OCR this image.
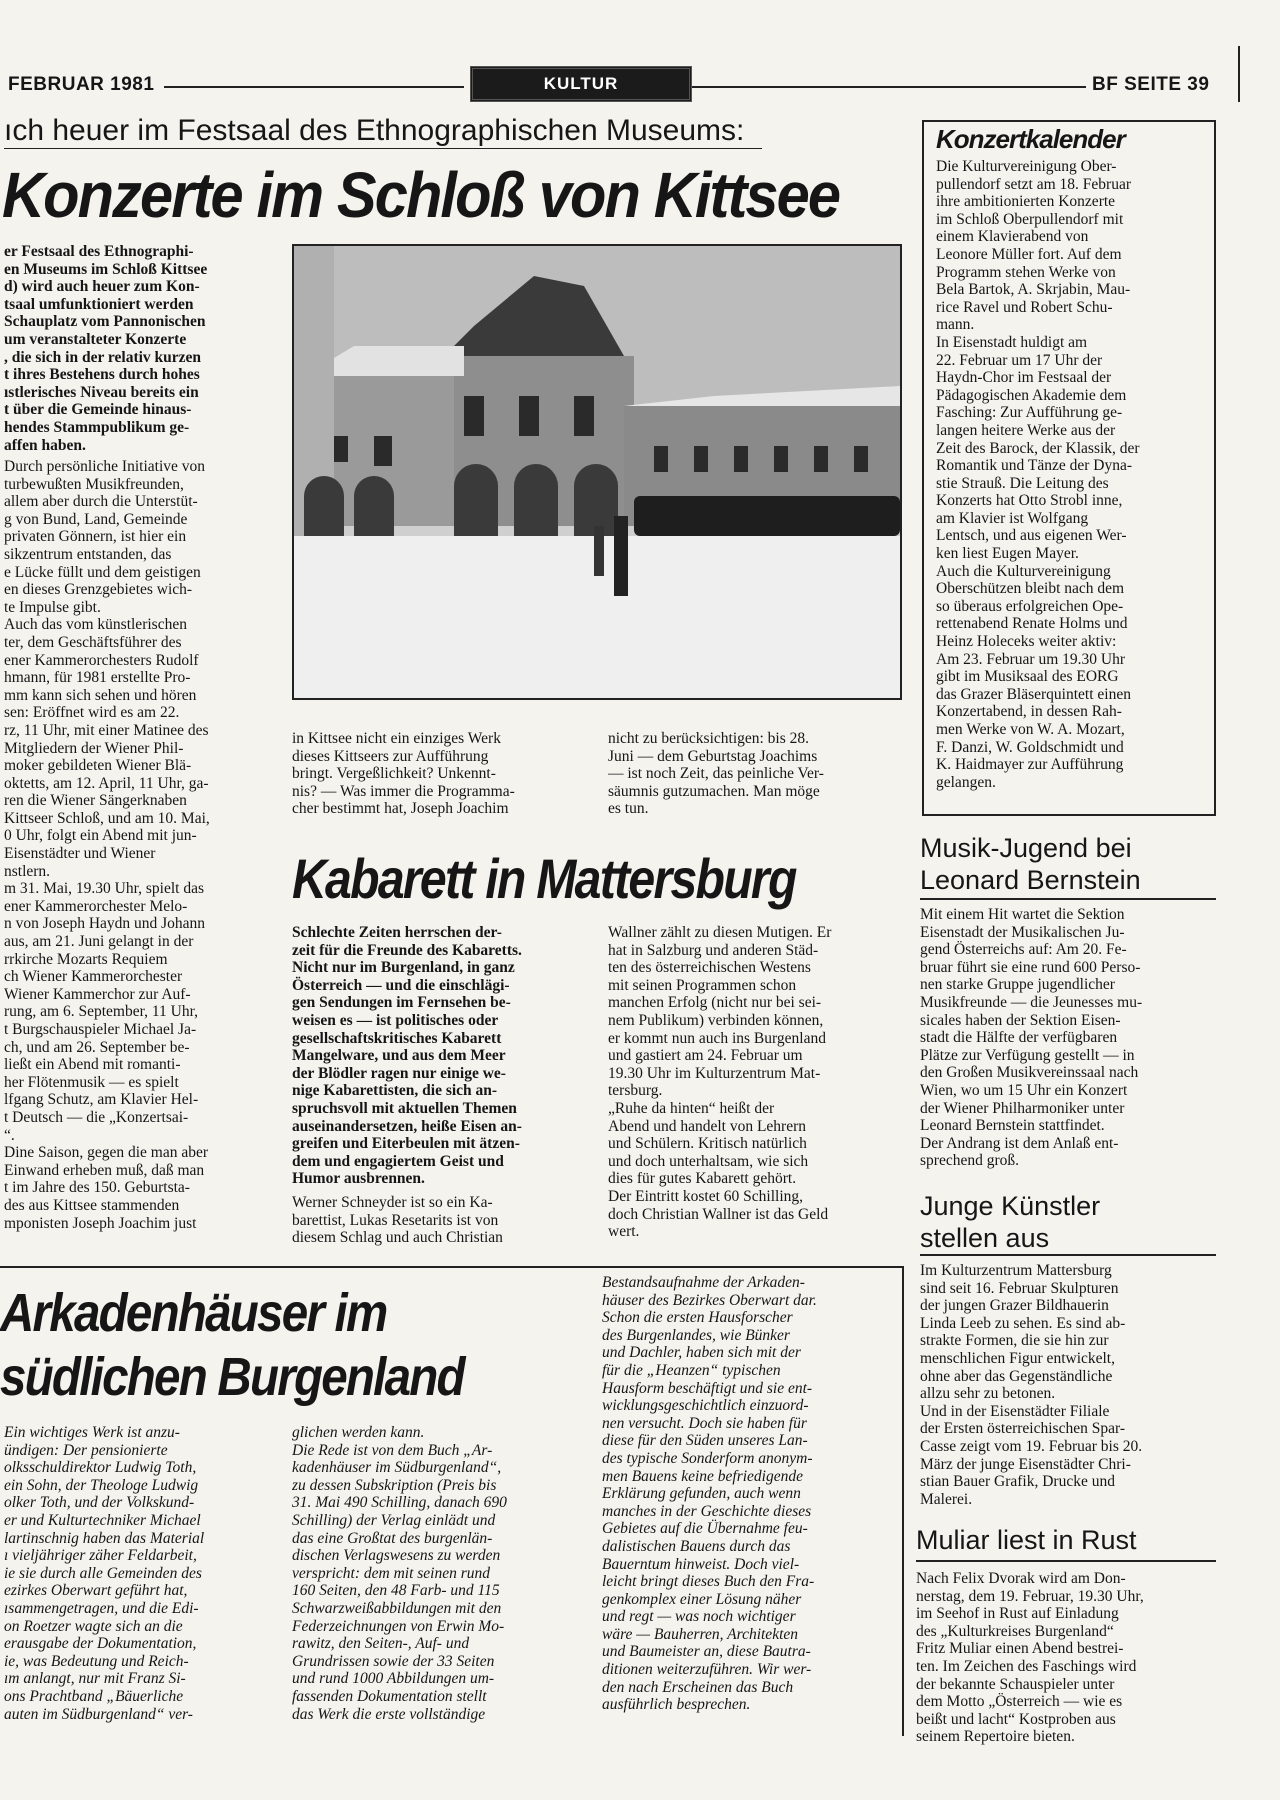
FEBRUAR 1981	KULTUR	BF SEITE 39
ıch heuer im Festsaal des Ethnographischen Museums:
Konzerte im Schloß von Kittsee
er Festsaal des Ethnographi-
en Museums im Schloß Kittsee
d) wird auch heuer zum Kon-
tsaal umfunktioniert werden
Schauplatz vom Pannonischen
um veranstalteter Konzerte
, die sich in der relativ kurzen
t ihres Bestehens durch hohes
ıstlerisches Niveau bereits ein
t über die Gemeinde hinaus-
hendes Stammpublikum ge-
affen haben.
Durch persönliche Initiative von
turbewußten Musikfreunden,
allem aber durch die Unterstüt-
g von Bund, Land, Gemeinde
privaten Gönnern, ist hier ein
sikzentrum entstanden, das
e Lücke füllt und dem geistigen
en dieses Grenzgebietes wich-
te Impulse gibt.
Auch das vom künstlerischen
ter, dem Geschäftsführer des
ener Kammerorchesters Rudolf
hmann, für 1981 erstellte Pro-
mm kann sich sehen und hören
sen: Eröffnet wird es am 22.
rz, 11 Uhr, mit einer Matinee des
Mitgliedern der Wiener Phil-
moker gebildeten Wiener Blä-
oktetts, am 12. April, 11 Uhr, ga-
ren die Wiener Sängerknaben
Kittseer Schloß, und am 10. Mai,
0 Uhr, folgt ein Abend mit jun-
Eisenstädter und Wiener
nstlern.
m 31. Mai, 19.30 Uhr, spielt das
ener Kammerorchester Melo-
n von Joseph Haydn und Johann
aus, am 21. Juni gelangt in der
rrkirche Mozarts Requiem
ch Wiener Kammerorchester
Wiener Kammerchor zur Auf-
rung, am 6. September, 11 Uhr,
t Burgschauspieler Michael Ja-
ch, und am 26. September be-
ließt ein Abend mit romanti-
her Flötenmusik — es spielt
lfgang Schutz, am Klavier Hel-
t Deutsch — die „Konzertsai-
“.
Dine Saison, gegen die man aber
Einwand erheben muß, daß man
t im Jahre des 150. Geburtsta-
des aus Kittsee stammenden
mponisten Joseph Joachim just
in Kittsee nicht ein einziges Werk
dieses Kittseers zur Aufführung
bringt. Vergeßlichkeit? Unkennt-
nis? — Was immer die Programma-
cher bestimmt hat, Joseph Joachim
nicht zu berücksichtigen: bis 28.
Juni — dem Geburtstag Joachims
— ist noch Zeit, das peinliche Ver-
säumnis gutzumachen. Man möge
es tun.
Konzertkalender
Die Kulturvereinigung Ober-
pullendorf setzt am 18. Februar
ihre ambitionierten Konzerte
im Schloß Oberpullendorf mit
einem Klavierabend von
Leonore Müller fort. Auf dem
Programm stehen Werke von
Bela Bartok, A. Skrjabin, Mau-
rice Ravel und Robert Schu-
mann.
In Eisenstadt huldigt am
22. Februar um 17 Uhr der
Haydn-Chor im Festsaal der
Pädagogischen Akademie dem
Fasching: Zur Aufführung ge-
langen heitere Werke aus der
Zeit des Barock, der Klassik, der
Romantik und Tänze der Dyna-
stie Strauß. Die Leitung des
Konzerts hat Otto Strobl inne,
am Klavier ist Wolfgang
Lentsch, und aus eigenen Wer-
ken liest Eugen Mayer.
Auch die Kulturvereinigung
Oberschützen bleibt nach dem
so überaus erfolgreichen Ope-
rettenabend Renate Holms und
Heinz Holeceks weiter aktiv:
Am 23. Februar um 19.30 Uhr
gibt im Musiksaal des EORG
das Grazer Bläserquintett einen
Konzertabend, in dessen Rah-
men Werke von W. A. Mozart,
F. Danzi, W. Goldschmidt und
K. Haidmayer zur Aufführung
gelangen.
Kabarett in Mattersburg
Schlechte Zeiten herrschen der-
zeit für die Freunde des Kabaretts.
Nicht nur im Burgenland, in ganz
Österreich — und die einschlägi-
gen Sendungen im Fernsehen be-
weisen es — ist politisches oder
gesellschaftskritisches Kabarett
Mangelware, und aus dem Meer
der Blödler ragen nur einige we-
nige Kabarettisten, die sich an-
spruchsvoll mit aktuellen Themen
auseinandersetzen, heiße Eisen an-
greifen und Eiterbeulen mit ätzen-
dem und engagiertem Geist und
Humor ausbrennen.
Werner Schneyder ist so ein Ka-
barettist, Lukas Resetarits ist von
diesem Schlag und auch Christian
Wallner zählt zu diesen Mutigen. Er
hat in Salzburg und anderen Städ-
ten des österreichischen Westens
mit seinen Programmen schon
manchen Erfolg (nicht nur bei sei-
nem Publikum) verbinden können,
er kommt nun auch ins Burgenland
und gastiert am 24. Februar um
19.30 Uhr im Kulturzentrum Mat-
tersburg.
„Ruhe da hinten“ heißt der
Abend und handelt von Lehrern
und Schülern. Kritisch natürlich
und doch unterhaltsam, wie sich
dies für gutes Kabarett gehört.
Der Eintritt kostet 60 Schilling,
doch Christian Wallner ist das Geld
wert.
Musik-Jugend bei Leonard Bernstein
Mit einem Hit wartet die Sektion
Eisenstadt der Musikalischen Ju-
gend Österreichs auf: Am 20. Fe-
bruar führt sie eine rund 600 Perso-
nen starke Gruppe jugendlicher
Musikfreunde — die Jeunesses mu-
sicales haben der Sektion Eisen-
stadt die Hälfte der verfügbaren
Plätze zur Verfügung gestellt — in
den Großen Musikvereinssaal nach
Wien, wo um 15 Uhr ein Konzert
der Wiener Philharmoniker unter
Leonard Bernstein stattfindet.
Der Andrang ist dem Anlaß ent-
sprechend groß.
Junge Künstler stellen aus
Im Kulturzentrum Mattersburg
sind seit 16. Februar Skulpturen
der jungen Grazer Bildhauerin
Linda Leeb zu sehen. Es sind ab-
strakte Formen, die sie hin zur
menschlichen Figur entwickelt,
ohne aber das Gegenständliche
allzu sehr zu betonen.
Und in der Eisenstädter Filiale
der Ersten österreichischen Spar-
Casse zeigt vom 19. Februar bis 20.
März der junge Eisenstädter Chri-
stian Bauer Grafik, Drucke und
Malerei.
Muliar liest in Rust
Nach Felix Dvorak wird am Don-
nerstag, dem 19. Februar, 19.30 Uhr,
im Seehof in Rust auf Einladung
des „Kulturkreises Burgenland“
Fritz Muliar einen Abend bestrei-
ten. Im Zeichen des Faschings wird
der bekannte Schauspieler unter
dem Motto „Österreich — wie es
beißt und lacht“ Kostproben aus
seinem Repertoire bieten.
Arkadenhäuser im
südlichen Burgenland
Ein wichtiges Werk ist anzu-
ündigen: Der pensionierte
olksschuldirektor Ludwig Toth,
ein Sohn, der Theologe Ludwig
olker Toth, und der Volkskund-
er und Kulturtechniker Michael
lartinschnig haben das Material
ı vieljähriger zäher Feldarbeit,
ie sie durch alle Gemeinden des
ezirkes Oberwart geführt hat,
ısammengetragen, und die Edi-
on Roetzer wagte sich an die
erausgabe der Dokumentation,
ie, was Bedeutung und Reich-
ım anlangt, nur mit Franz Si-
ons Prachtband „Bäuerliche
auten im Südburgenland“ ver-
glichen werden kann.
Die Rede ist von dem Buch „Ar-
kadenhäuser im Südburgenland“,
zu dessen Subskription (Preis bis
31. Mai 490 Schilling, danach 690
Schilling) der Verlag einlädt und
das eine Großtat des burgenlän-
dischen Verlagswesens zu werden
verspricht: dem mit seinen rund
160 Seiten, den 48 Farb- und 115
Schwarzweißabbildungen mit den
Federzeichnungen von Erwin Mo-
rawitz, den Seiten-, Auf- und
Grundrissen sowie der 33 Seiten
und rund 1000 Abbildungen um-
fassenden Dokumentation stellt
das Werk die erste vollständige
Bestandsaufnahme der Arkaden-
häuser des Bezirkes Oberwart dar.
Schon die ersten Hausforscher
des Burgenlandes, wie Bünker
und Dachler, haben sich mit der
für die „Heanzen“ typischen
Hausform beschäftigt und sie ent-
wicklungsgeschichtlich einzuord-
nen versucht. Doch sie haben für
diese für den Süden unseres Lan-
des typische Sonderform anonym-
men Bauens keine befriedigende
Erklärung gefunden, auch wenn
manches in der Geschichte dieses
Gebietes auf die Übernahme feu-
dalistischen Bauens durch das
Bauerntum hinweist. Doch viel-
leicht bringt dieses Buch den Fra-
genkomplex einer Lösung näher
und regt — was noch wichtiger
wäre — Bauherren, Architekten
und Baumeister an, diese Bautra-
ditionen weiterzuführen. Wir wer-
den nach Erscheinen das Buch
ausführlich besprechen.
